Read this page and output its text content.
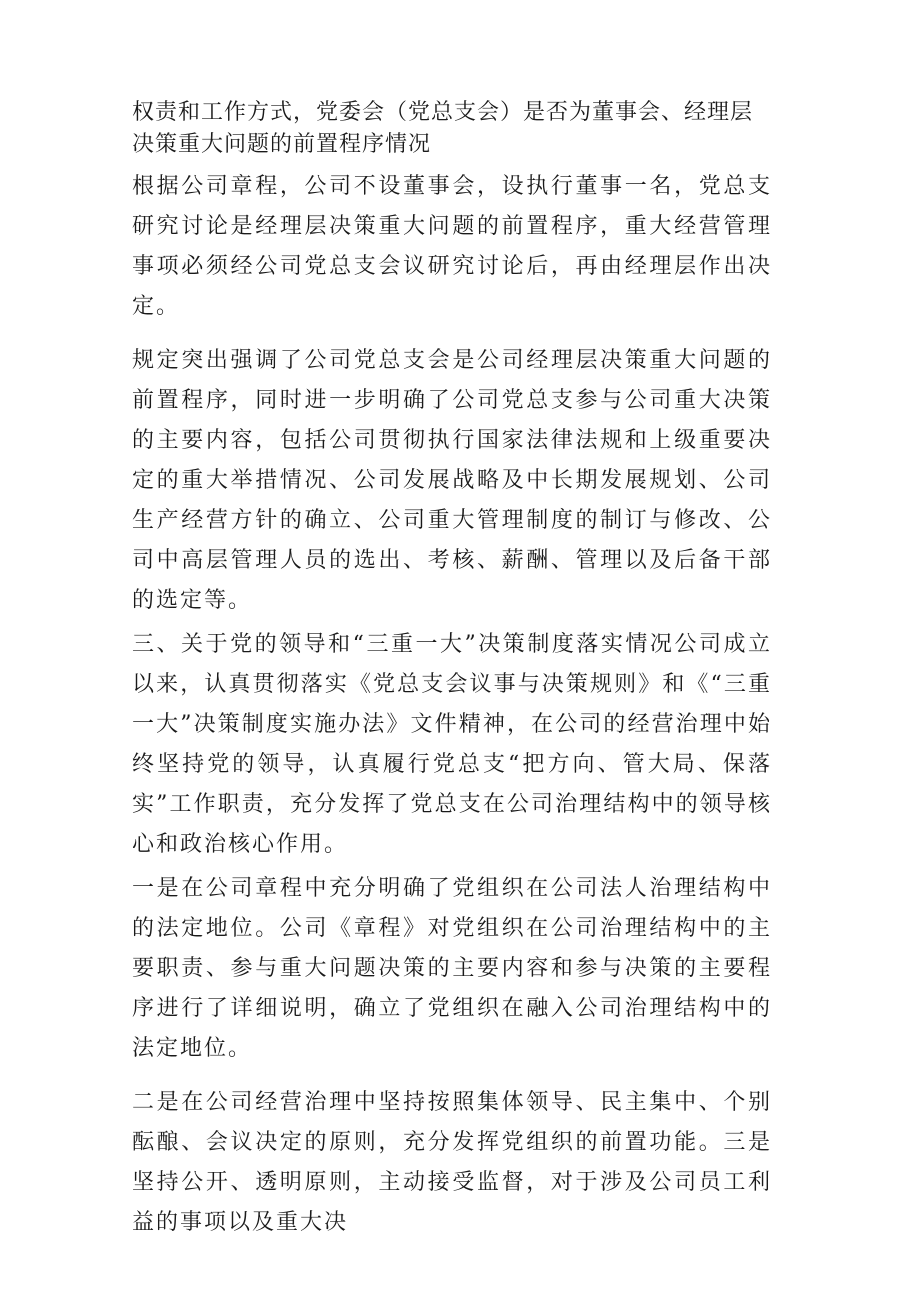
权责和工作方式，党委会（党总支会）是否为董事会、经理层决策重大问题的前置程序情况

根据公司章程，公司不设董事会，设执行董事一名，党总支研究讨论是经理层决策重大问题的前置程序，重大经营管理事项必须经公司党总支会议研究讨论后，再由经理层作出决定。

规定突出强调了公司党总支会是公司经理层决策重大问题的前置程序，同时进一步明确了公司党总支参与公司重大决策的主要内容，包括公司贯彻执行国家法律法规和上级重要决定的重大举措情况、公司发展战略及中长期发展规划、公司生产经营方针的确立、公司重大管理制度的制订与修改、公司中高层管理人员的选出、考核、薪酬、管理以及后备干部的选定等。

三、关于党的领导和“三重一大”决策制度落实情况公司成立以来，认真贯彻落实《党总支会议事与决策规则》和《“三重一大”决策制度实施办法》文件精神，在公司的经营治理中始终坚持党的领导，认真履行党总支“把方向、管大局、保落实”工作职责，充分发挥了党总支在公司治理结构中的领导核心和政治核心作用。

一是在公司章程中充分明确了党组织在公司法人治理结构中的法定地位。公司《章程》对党组织在公司治理结构中的主要职责、参与重大问题决策的主要内容和参与决策的主要程序进行了详细说明，确立了党组织在融入公司治理结构中的法定地位。

二是在公司经营治理中坚持按照集体领导、民主集中、个别酝酿、会议决定的原则，充分发挥党组织的前置功能。三是坚持公开、透明原则，主动接受监督，对于涉及公司员工利益的事项以及重大决
